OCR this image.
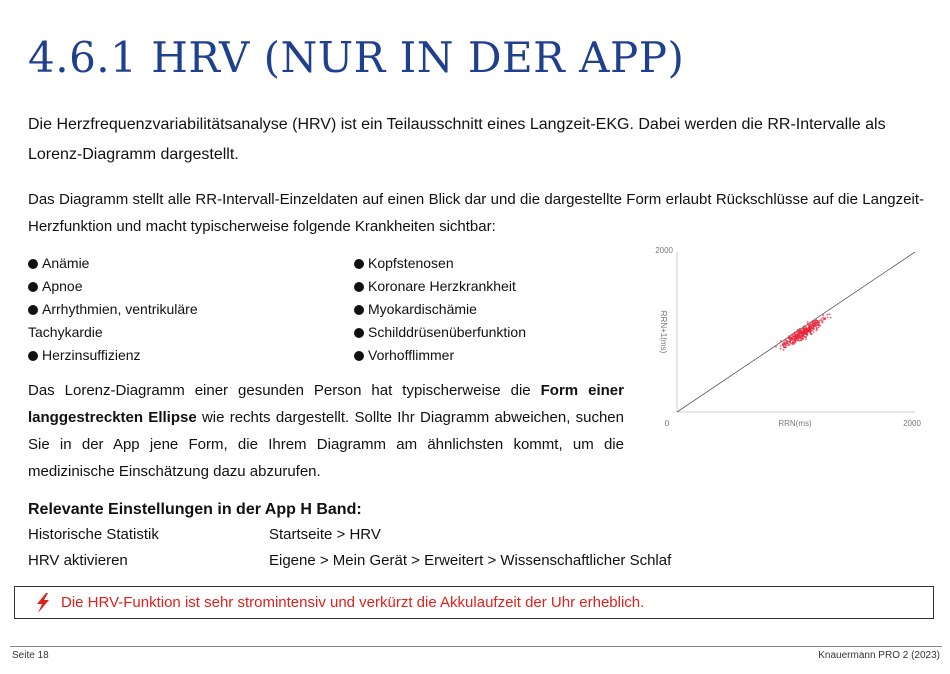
4.6.1 HRV (NUR IN DER APP)

Die Herzfrequenzvariabilitätsanalyse (HRV) ist ein Teilausschnitt eines Langzeit-EKG. Dabei werden die RR-Intervalle als Lorenz-Diagramm dargestellt.

Das Diagramm stellt alle RR-Intervall-Einzeldaten auf einen Blick dar und die dargestellte Form erlaubt Rückschlüsse auf die Langzeit-Herzfunktion und macht typischerweise folgende Krankheiten sichtbar:

Anämie
Apnoe
Arrhythmien, ventrikuläre
Tachykardie
Herzinsuffizienz
Kopfstenosen
Koronare Herzkrankheit
Myokardischämie
Schilddrüsenüberfunktion
Vorhofflimmer
2000
0	2000
RRN(ms)
RRN+1(ms)

Das Lorenz-Diagramm einer gesunden Person hat typischerweise die Form einer langgestreckten Ellipse wie rechts dargestellt. Sollte Ihr Diagramm abweichen, suchen Sie in der App jene Form, die Ihrem Diagramm am ähnlichsten kommt, um die medizinische Einschätzung dazu abzurufen.

Relevante Einstellungen in der App H Band:
Historische Statistik	Startseite > HRV
HRV aktivieren	Eigene > Mein Gerät > Erweitert > Wissenschaftlicher Schlaf
Die HRV-Funktion ist sehr stromintensiv und verkürzt die Akkulaufzeit der Uhr erheblich.
Seite 18	Knauermann PRO 2 (2023)
